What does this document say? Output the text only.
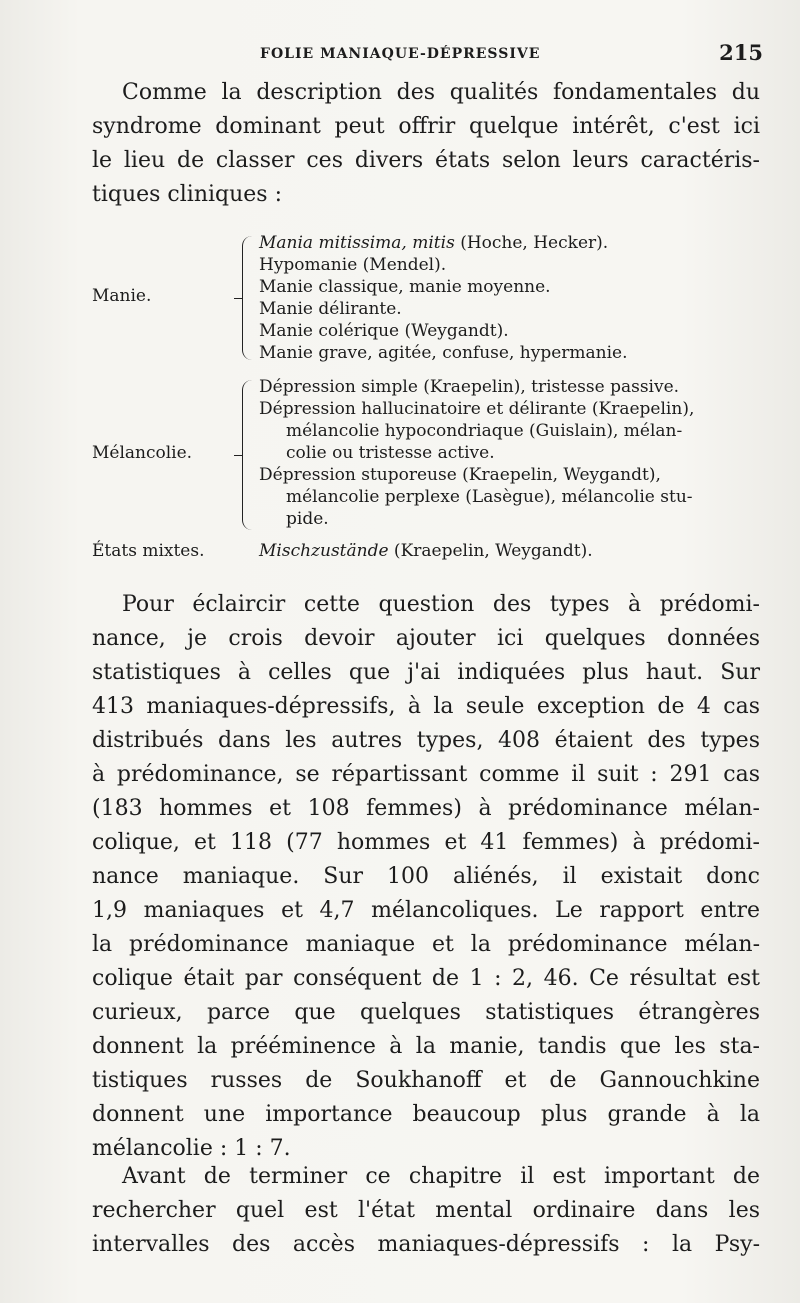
FOLIE MANIAQUE-DÉPRESSIVE	215
Comme la description des qualités fondamentales du
syndrome dominant peut offrir quelque intérêt, c'est ici
le lieu de classer ces divers états selon leurs caractéris-
tiques cliniques :
Manie.
Mania mitissima, mitis (Hoche, Hecker).
Hypomanie (Mendel).
Manie classique, manie moyenne.
Manie délirante.
Manie colérique (Weygandt).
Manie grave, agitée, confuse, hypermanie.
Mélancolie.
Dépression simple (Kraepelin), tristesse passive.
Dépression hallucinatoire et délirante (Kraepelin),
mélancolie hypocondriaque (Guislain), mélan-
colie ou tristesse active.
Dépression stuporeuse (Kraepelin, Weygandt),
mélancolie perplexe (Lasègue), mélancolie stu-
pide.
États mixtes.	Mischzustände (Kraepelin, Weygandt).
Pour éclaircir cette question des types à prédomi-
nance, je crois devoir ajouter ici quelques données
statistiques à celles que j'ai indiquées plus haut. Sur
413 maniaques-dépressifs, à la seule exception de 4 cas
distribués dans les autres types, 408 étaient des types
à prédominance, se répartissant comme il suit : 291 cas
(183 hommes et 108 femmes) à prédominance mélan-
colique, et 118 (77 hommes et 41 femmes) à prédomi-
nance maniaque. Sur 100 aliénés, il existait donc
1,9 maniaques et 4,7 mélancoliques. Le rapport entre
la prédominance maniaque et la prédominance mélan-
colique était par conséquent de 1 : 2, 46. Ce résultat est
curieux, parce que quelques statistiques étrangères
donnent la prééminence à la manie, tandis que les sta-
tistiques russes de Soukhanoff et de Gannouchkine
donnent une importance beaucoup plus grande à la
mélancolie : 1 : 7.
Avant de terminer ce chapitre il est important de
rechercher quel est l'état mental ordinaire dans les
intervalles des accès maniaques-dépressifs : la Psy-
